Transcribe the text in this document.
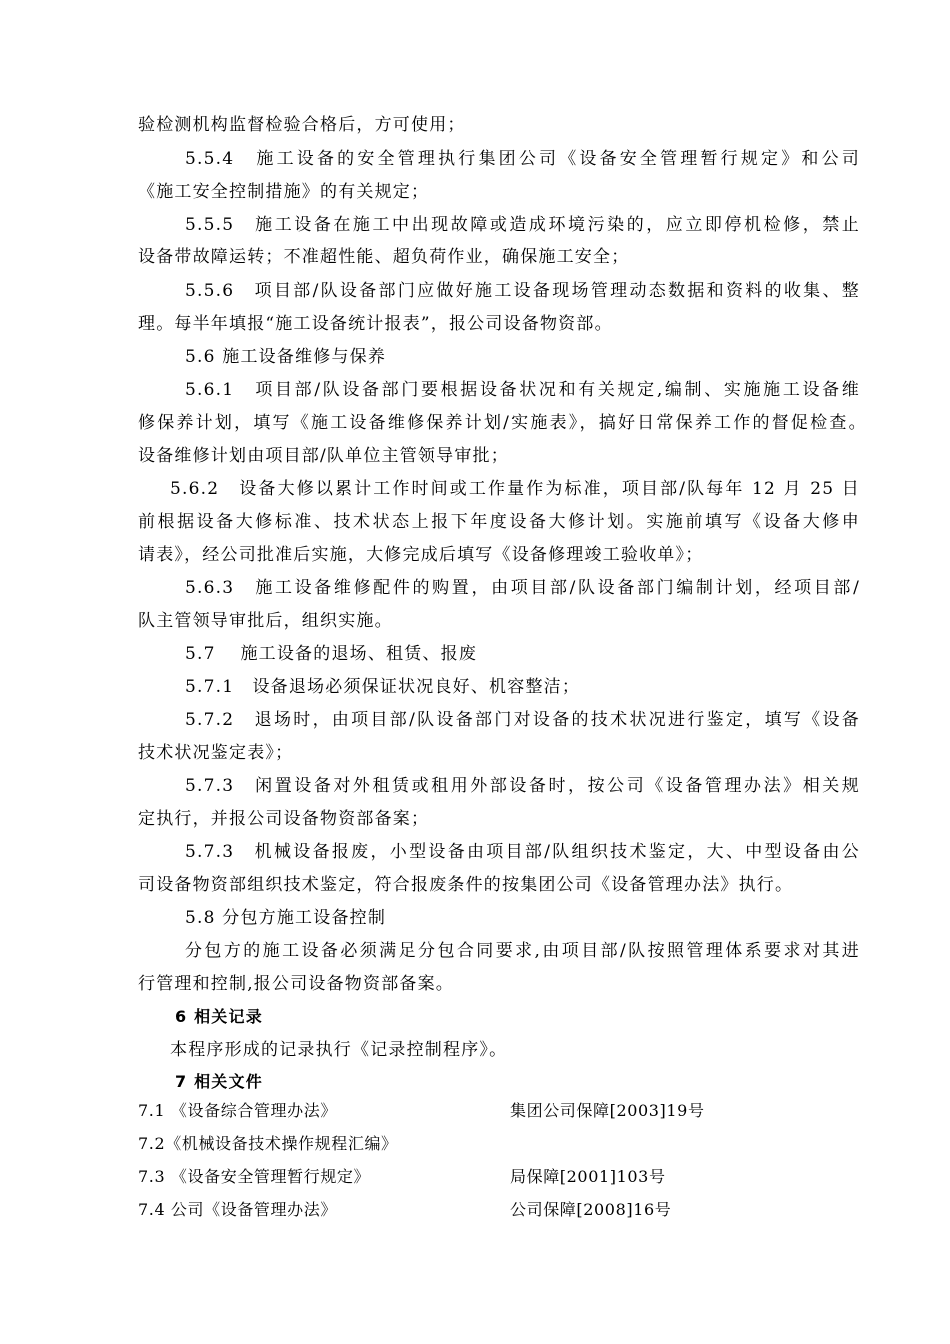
验检测机构监督检验合格后，方可使用；
5.5.4　施工设备的安全管理执行集团公司《设备安全管理暂行规定》和公司
《施工安全控制措施》的有关规定；
5.5.5　施工设备在施工中出现故障或造成环境污染的，应立即停机检修，禁止
设备带故障运转；不准超性能、超负荷作业，确保施工安全；
5.5.6　项目部/队设备部门应做好施工设备现场管理动态数据和资料的收集、整
理。每半年填报“施工设备统计报表”，报公司设备物资部。
5.6 施工设备维修与保养
5.6.1　项目部/队设备部门要根据设备状况和有关规定,编制、实施施工设备维
修保养计划，填写《施工设备维修保养计划/实施表》，搞好日常保养工作的督促检查。
设备维修计划由项目部/队单位主管领导审批；
5.6.2　设备大修以累计工作时间或工作量作为标准，项目部/队每年 12 月 25 日
前根据设备大修标准、技术状态上报下年度设备大修计划。实施前填写《设备大修申
请表》，经公司批准后实施，大修完成后填写《设备修理竣工验收单》；
5.6.3　施工设备维修配件的购置，由项目部/队设备部门编制计划，经项目部/
队主管领导审批后，组织实施。
5.7　 施工设备的退场、租赁、报废
5.7.1　设备退场必须保证状况良好、机容整洁；
5.7.2　退场时，由项目部/队设备部门对设备的技术状况进行鉴定，填写《设备
技术状况鉴定表》；
5.7.3　闲置设备对外租赁或租用外部设备时，按公司《设备管理办法》相关规
定执行，并报公司设备物资部备案；
5.7.3　机械设备报废，小型设备由项目部/队组织技术鉴定，大、中型设备由公
司设备物资部组织技术鉴定，符合报废条件的按集团公司《设备管理办法》执行。
5.8 分包方施工设备控制
分包方的施工设备必须满足分包合同要求,由项目部/队按照管理体系要求对其进
行管理和控制,报公司设备物资部备案。
6 相关记录
本程序形成的记录执行《记录控制程序》。
7 相关文件
7.1 《设备综合管理办法》	集团公司保障[2003]19号
7.2《机械设备技术操作规程汇编》
7.3 《设备安全管理暂行规定》	局保障[2001]103号
7.4 公司《设备管理办法》	公司保障[2008]16号
